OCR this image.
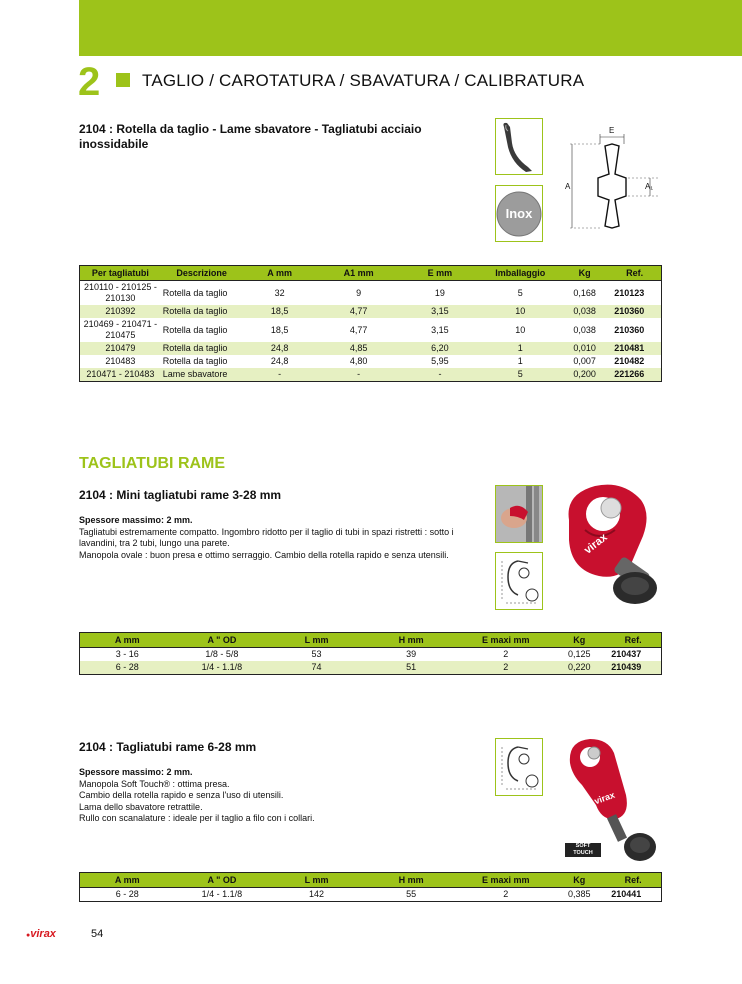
2 TAGLIO / CAROTATURA / SBAVATURA / CALIBRATURA
2104 : Rotella da taglio - Lame sbavatore - Tagliatubi acciaio
inossidabile
Inox
E
A	A₁
Per tagliatubi	Descrizione	A mm	A1 mm	E mm	Imballaggio	Kg	Ref.

210110 - 210125 -
210130	Rotella da taglio	32	9	19	5	0,168	210123
210392	Rotella da taglio	18,5	4,77	3,15	10	0,038	210360

210469 - 210471 -
210475	Rotella da taglio	18,5	4,77	3,15	10	0,038	210360
210479	Rotella da taglio	24,8	4,85	6,20	1	0,010	210481
210483	Rotella da taglio	24,8	4,80	5,95	1	0,007	210482
210471 - 210483	Lame sbavatore	-	-	-	5	0,200	221266
TAGLIATUBI RAME
2104 : Mini tagliatubi rame 3-28 mm
Spessore massimo: 2 mm.
Tagliatubi estremamente compatto. Ingombro ridotto per il taglio di tubi in spazi ristretti : sotto i
lavandini, tra 2 tubi, lungo una parete.
Manopola ovale : buon presa e ottimo serraggio. Cambio della rotella rapido e senza utensili.	virax
A mm	A " OD	L mm	H mm	E maxi mm	Kg	Ref.
3 - 16	1/8 - 5/8	53	39	2	0,125	210437
6 - 28	1/4 - 1.1/8	74	51	2	0,220	210439
2104 : Tagliatubi rame 6-28 mm
Spessore massimo: 2 mm.
Manopola Soft Touch® : ottima presa.
Cambio della rotella rapido e senza l'uso di utensili.
Lama dello sbavatore retrattile.
Rullo con scanalature : ideale per il taglio a filo con i collari.
virax
SOFT
TOUCH
A mm	A " OD	L mm	H mm	E maxi mm	Kg	Ref.
6 - 28	1/4 - 1.1/8	142	55	2	0,385	210441
●virax	54
